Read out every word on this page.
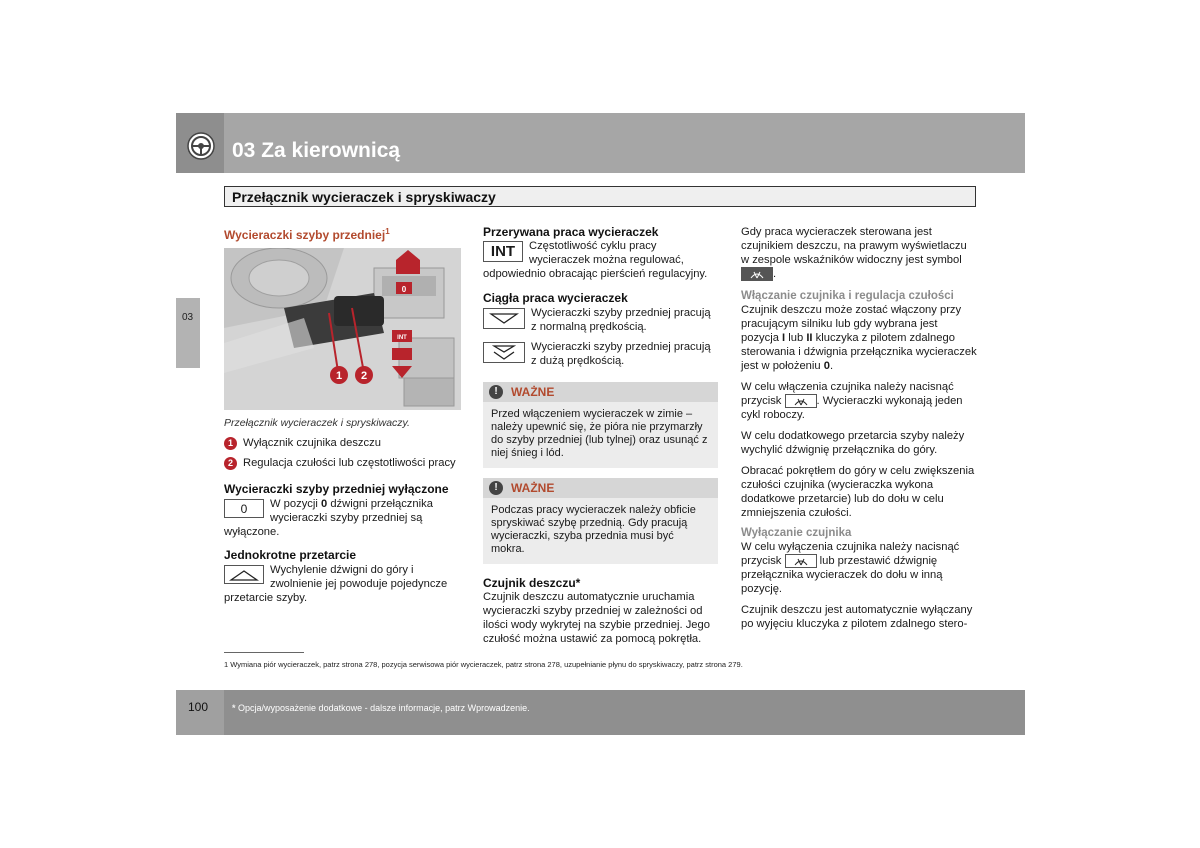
03 Za kierownicą
03
Przełącznik wycieraczek i spryskiwaczy
Wycieraczki szyby przedniej$^1$
1 2
0
INT
Przełącznik wycieraczek i spryskiwaczy.
1 Wyłącznik czujnika deszczu
2 Regulacja czułości lub częstotliwości pracy
Wycieraczki szyby przedniej wyłączone
0	W pozycji 0 dźwigni przełącznika wycieraczki szyby przedniej są wyłączone.
Jednokrotne przetarcie
Wychylenie dźwigni do góry i zwolnienie jej powoduje pojedyncze przetarcie szyby.
Przerywana praca wycieraczek
INT	Częstotliwość cyklu pracy wycieraczek można regulować, odpowiednio obracając pierścień regulacyjny.
Ciągła praca wycieraczek
Wycieraczki szyby przedniej pracują z normalną prędkością.
Wycieraczki szyby przedniej pracują z dużą prędkością.
!	WAŻNE
Przed włączeniem wycieraczek w zimie – należy upewnić się, że pióra nie przymarzły do szyby przedniej (lub tylnej) oraz usunąć z niej śnieg i lód.
!	WAŻNE
Podczas pracy wycieraczek należy obficie spryskiwać szybę przednią. Gdy pracują wycieraczki, szyba przednia musi być mokra.
Czujnik deszczu*
Czujnik deszczu automatycznie uruchamia wycieraczki szyby przedniej w zależności od ilości wody wykrytej na szybie przedniej. Jego czułość można ustawić za pomocą pokrętła.
Gdy praca wycieraczek sterowana jest czujnikiem deszczu, na prawym wyświetlaczu w zespole wskaźników widoczny jest symbol
.
Włączanie czujnika i regulacja czułości
Czujnik deszczu może zostać włączony przy pracującym silniku lub gdy wybrana jest pozycja I lub II kluczyka z pilotem zdalnego sterowania i dźwignia przełącznika wycieraczek jest w położeniu 0.
W celu włączenia czujnika należy nacisnąć przycisk	. Wycieraczki wykonają jeden cykl roboczy.
W celu dodatkowego przetarcia szyby należy wychylić dźwignię przełącznika do góry.
Obracać pokrętłem do góry w celu zwiększenia czułości czujnika (wycieraczka wykona dodatkowe przetarcie) lub do dołu w celu zmniejszenia czułości.
Wyłączanie czujnika
W celu wyłączenia czujnika należy nacisnąć przycisk	lub przestawić dźwignię przełącznika wycieraczek do dołu w inną pozycję.
Czujnik deszczu jest automatycznie wyłączany po wyjęciu kluczyka z pilotem zdalnego stero-
1 Wymiana piór wycieraczek, patrz strona 278, pozycja serwisowa piór wycieraczek, patrz strona 278, uzupełnianie płynu do spryskiwaczy, patrz strona 279.
100	* Opcja/wyposażenie dodatkowe - dalsze informacje, patrz Wprowadzenie.
